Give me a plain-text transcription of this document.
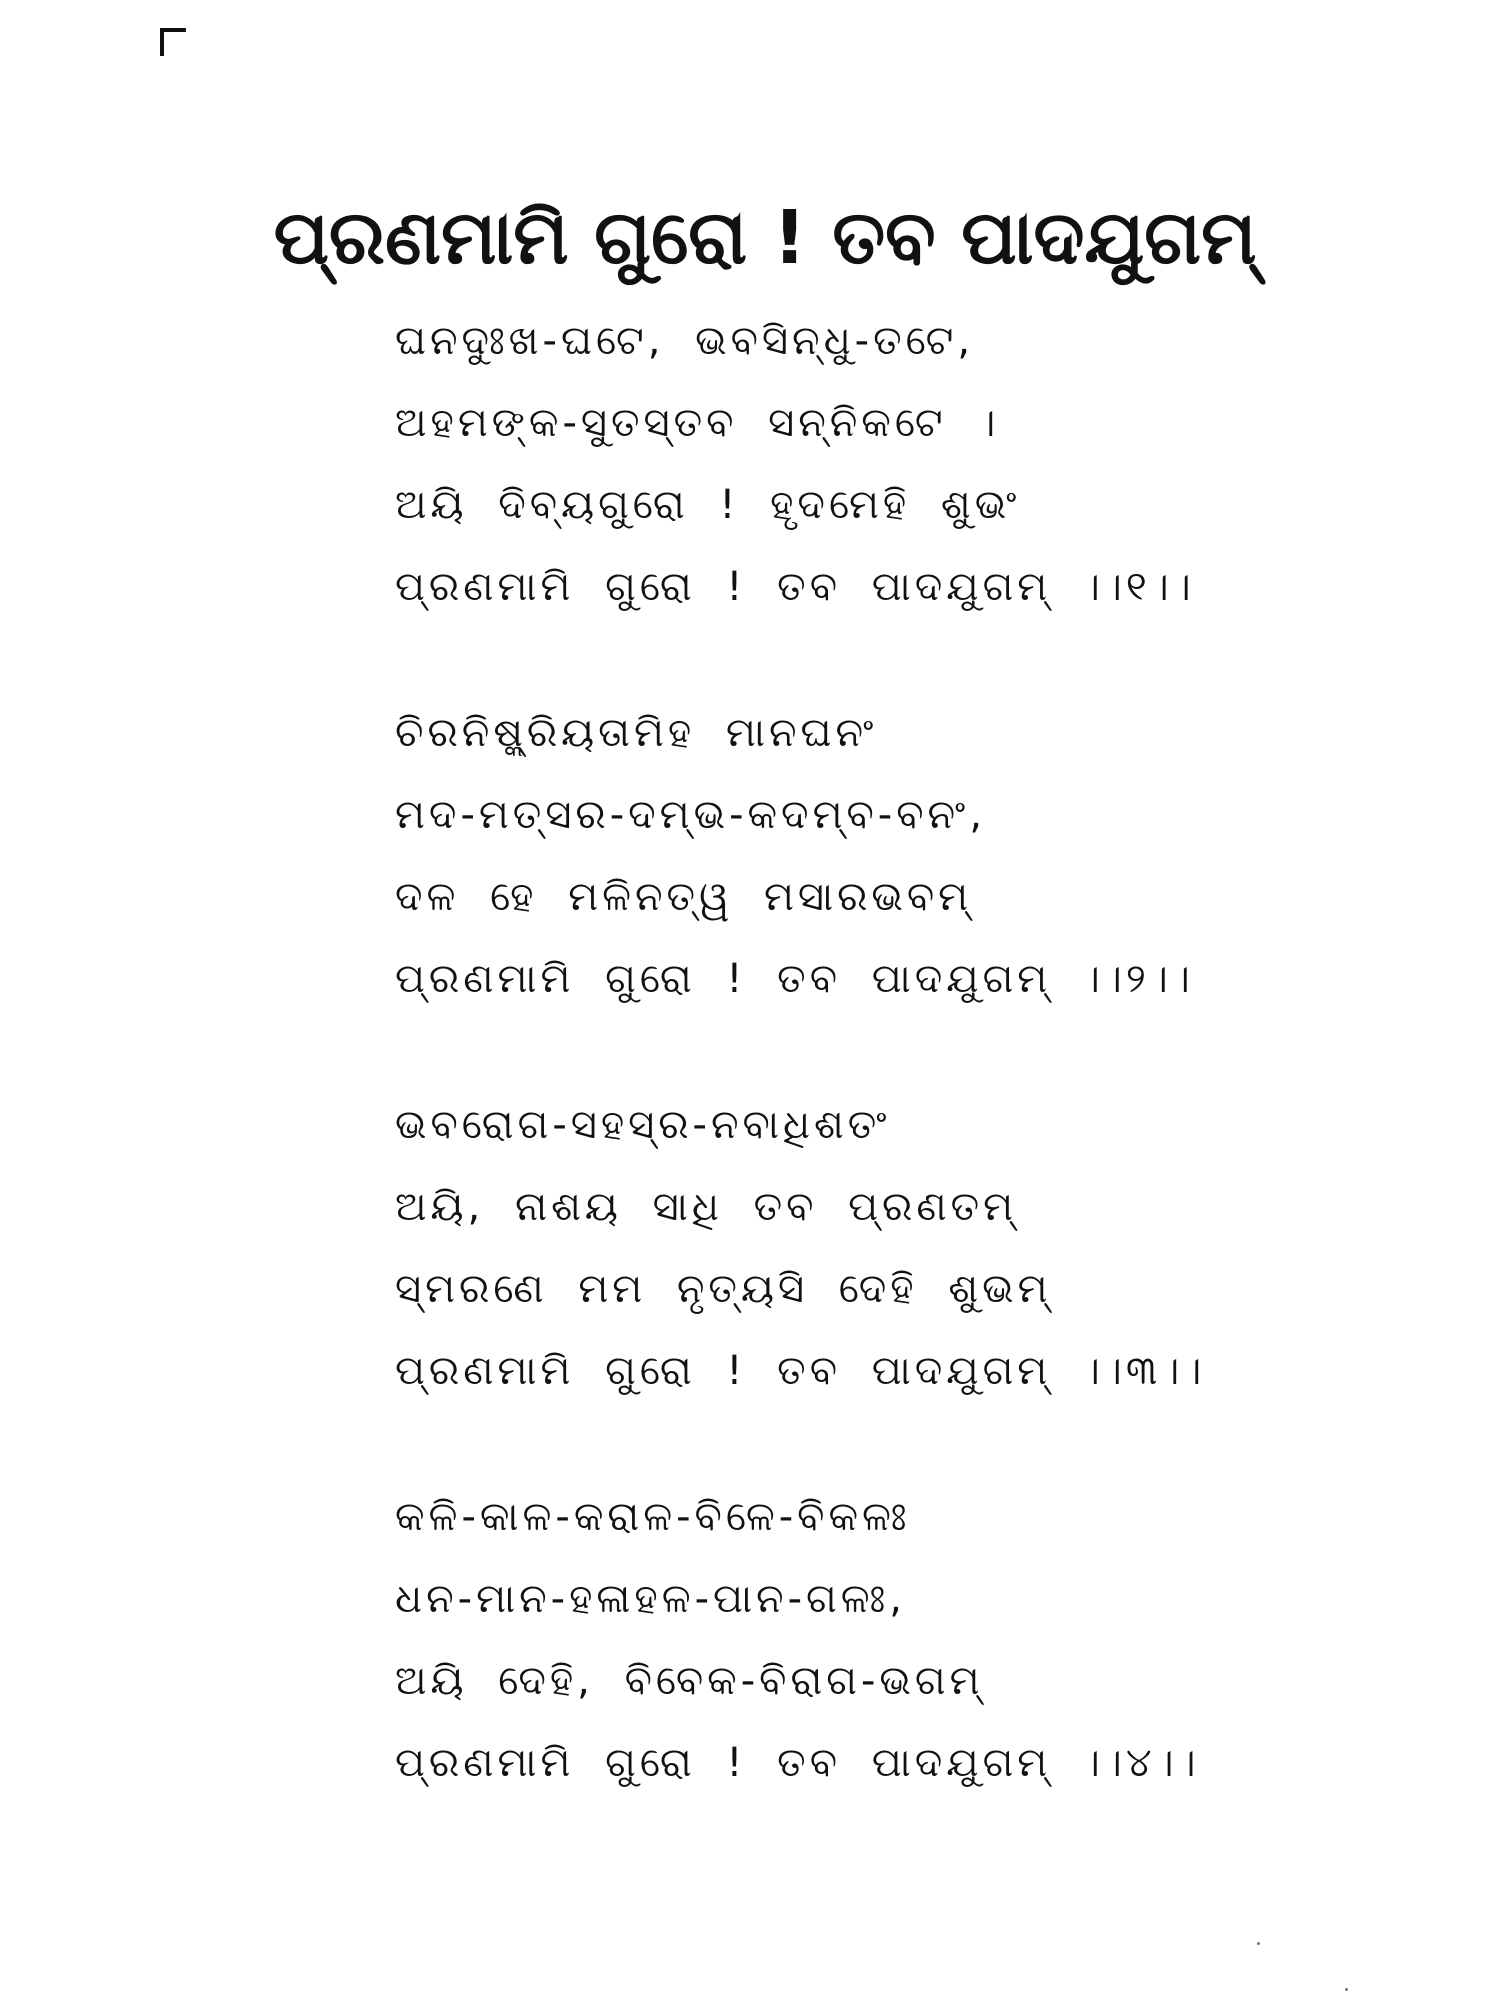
ପ୍ରଣମାମି ଗୁରୋ ! ତବ ପାଦଯୁଗମ୍
ଘନଦୁଃଖ-ଘଟେ, ଭବସିନ୍ଧୁ-ତଟେ,
ଅହମଙ୍କ-ସୁତସ୍ତବ ସନ୍ନିକଟେ ।
ଅୟି ଦିବ୍ୟଗୁରୋ ! ହୃଦମେହି ଶୁଭଂ
ପ୍ରଣମାମି ଗୁରୋ ! ତବ ପାଦଯୁଗମ୍ ।।୧।।
ଚିରନିଷ୍କ୍ରିୟତାମିହ ମାନଘନଂ
ମଦ-ମତ୍ସର-ଦମ୍ଭ-କଦମ୍ବ-ବନଂ,
ଦଳ ହେ ମଳିନତ୍ୱ ମସାରଭବମ୍
ପ୍ରଣମାମି ଗୁରୋ ! ତବ ପାଦଯୁଗମ୍ ।।୨।।
ଭବରୋଗ-ସହସ୍ର-ନବାଧିଶତଂ
ଅୟି, ନାଶୟ ସାଧି ତବ ପ୍ରଣତମ୍
ସ୍ମରଣେ ମମ ନୃତ୍ୟସି ଦେହି ଶୁଭମ୍
ପ୍ରଣମାମି ଗୁରୋ ! ତବ ପାଦଯୁଗମ୍ ।।୩।।
କଳି-କାଳ-କରାଳ-ବିଳେ-ବିକଳଃ
ଧନ-ମାନ-ହଳାହଳ-ପାନ-ଗଳଃ,
ଅୟି ଦେହି, ବିବେକ-ବିରାଗ-ଭଗମ୍
ପ୍ରଣମାମି ଗୁରୋ ! ତବ ପାଦଯୁଗମ୍ ।।୪।।
